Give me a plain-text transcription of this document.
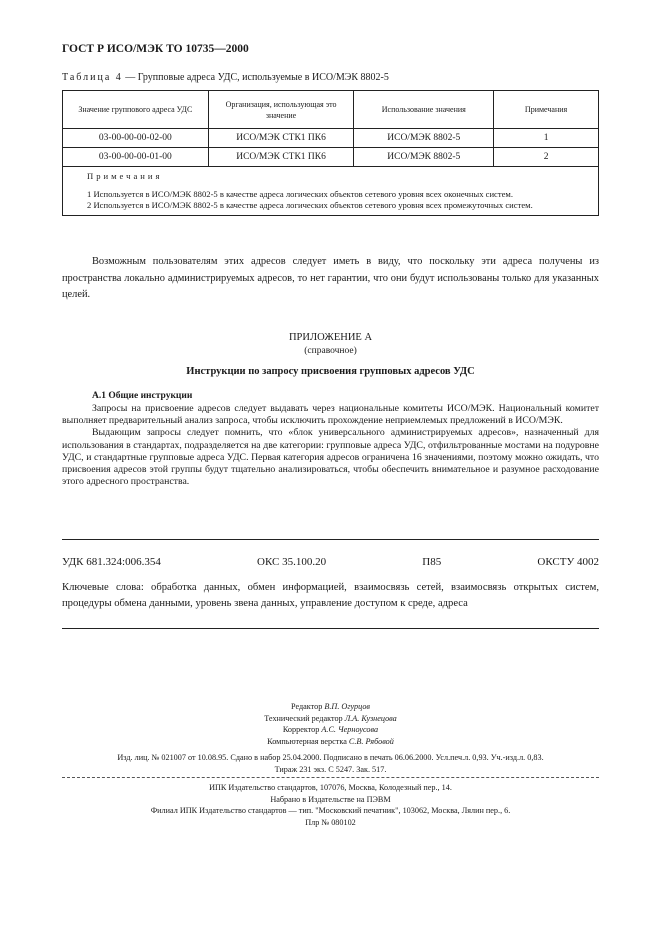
ГОСТ Р ИСО/МЭК ТО 10735—2000
Таблица 4 — Групповые адреса УДС, используемые в ИСО/МЭК 8802-5
Значение группового адреса УДС	Организация, использующая это значение	Использование значения	Примечания
03-00-00-00-02-00	ИСО/МЭК СТК1 ПК6	ИСО/МЭК 8802-5	1
03-00-00-00-01-00	ИСО/МЭК СТК1 ПК6	ИСО/МЭК 8802-5	2

Примечания

1 Используется в ИСО/МЭК 8802-5 в качестве адреса логических объектов сетевого уровня всех оконечных систем.

2 Используется в ИСО/МЭК 8802-5 в качестве адреса логических объектов сетевого уровня всех промежуточных систем.			

Возможным пользователям этих адресов следует иметь в виду, что поскольку эти адреса получены из пространства локально администрируемых адресов, то нет гарантии, что они будут использованы только для указанных целей.
ПРИЛОЖЕНИЕ А
(справочное)
Инструкции по запросу присвоения групповых адресов УДС
А.1 Общие инструкции

Запросы на присвоение адресов следует выдавать через национальные комитеты ИСО/МЭК. Национальный комитет выполняет предварительный анализ запроса, чтобы исключить прохождение неприемлемых предложений в ИСО/МЭК.

Выдающим запросы следует помнить, что «блок универсального администрируемых адресов», назначенный для использования в стандартах, подразделяется на две категории: групповые адреса УДС, отфильтрованные мостами на подуровне УДС, и стандартные групповые адреса УДС. Первая категория адресов ограничена 16 значениями, поэтому можно ожидать, что присвоения адресов этой группы будут тщательно анализироваться, чтобы обеспечить внимательное и разумное расходование этого адресного пространства.

УДК 681.324:006.354	ОКС 35.100.20	П85	ОКСТУ 4002
Ключевые слова: обработка данных, обмен информацией, взаимосвязь сетей, взаимосвязь открытых систем, процедуры обмена данными, уровень звена данных, управление доступом к среде, адреса
Редактор В.П. Огурцов
Технический редактор Л.А. Кузнецова
Корректор А.С. Черноусова
Компьютерная верстка С.В. Рябовой
Изд. лиц. № 021007 от 10.08.95. Сдано в набор 25.04.2000. Подписано в печать 06.06.2000. Усл.печ.л. 0,93. Уч.-изд.л. 0,83.
Тираж 231 экз. С 5247. Зак. 517.
ИПК Издательство стандартов, 107076, Москва, Колодезный пер., 14.
Набрано в Издательстве на ПЭВМ
Филиал ИПК Издательство стандартов — тип. "Московский печатник", 103062, Москва, Лялин пер., 6.
Плр № 080102
